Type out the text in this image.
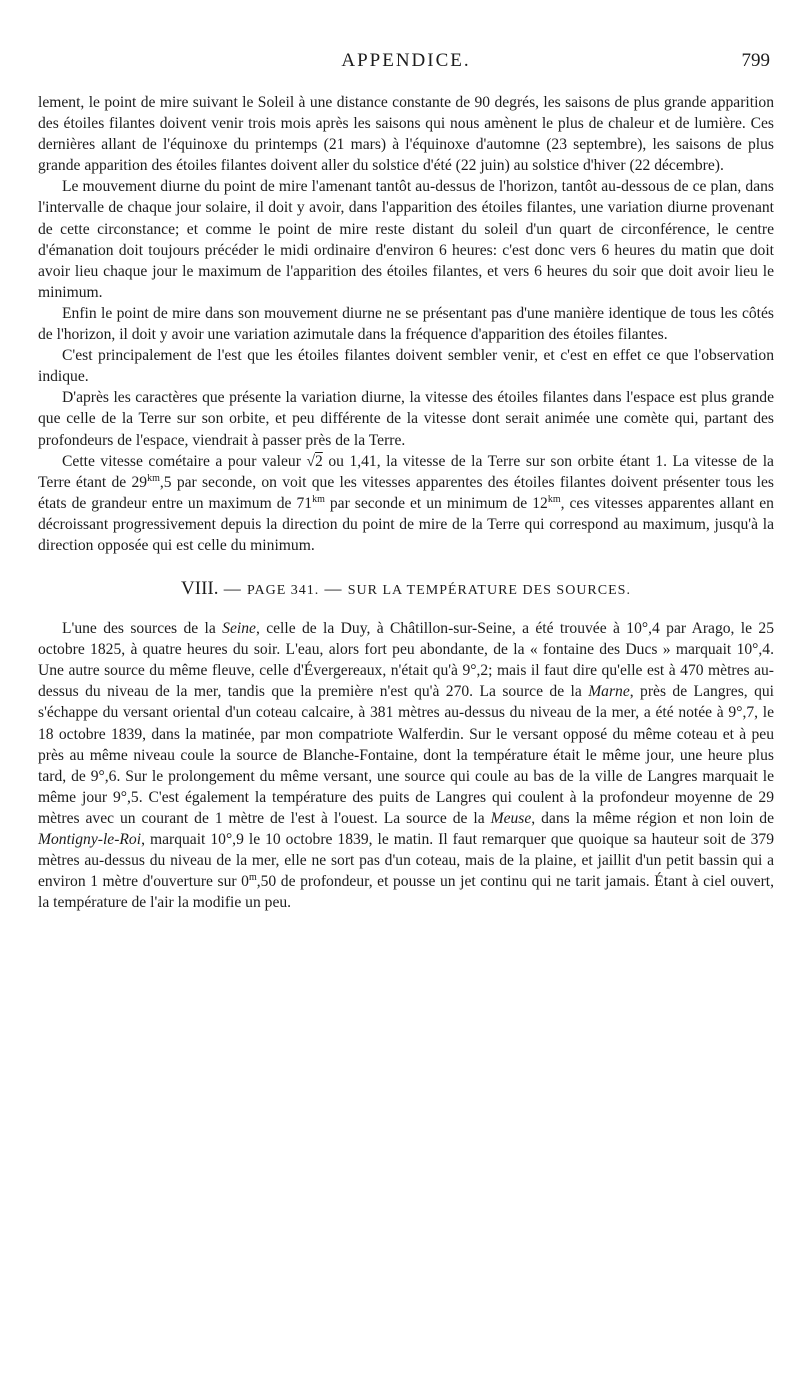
APPENDICE.	799

lement, le point de mire suivant le Soleil à une distance constante de 90 degrés, les saisons de plus grande apparition des étoiles filantes doivent venir trois mois après les saisons qui nous amènent le plus de chaleur et de lumière. Ces dernières allant de l'équinoxe du printemps (21 mars) à l'équinoxe d'automne (23 septembre), les saisons de plus grande apparition des étoiles filantes doivent aller du solstice d'été (22 juin) au solstice d'hiver (22 décembre).

Le mouvement diurne du point de mire l'amenant tantôt au-dessus de l'horizon, tantôt au-dessous de ce plan, dans l'intervalle de chaque jour solaire, il doit y avoir, dans l'apparition des étoiles filantes, une variation diurne provenant de cette circonstance; et comme le point de mire reste distant du soleil d'un quart de circonférence, le centre d'émanation doit toujours précéder le midi ordinaire d'environ 6 heures: c'est donc vers 6 heures du matin que doit avoir lieu chaque jour le maximum de l'apparition des étoiles filantes, et vers 6 heures du soir que doit avoir lieu le minimum.

Enfin le point de mire dans son mouvement diurne ne se présentant pas d'une manière identique de tous les côtés de l'horizon, il doit y avoir une variation azimutale dans la fréquence d'apparition des étoiles filantes.

C'est principalement de l'est que les étoiles filantes doivent sembler venir, et c'est en effet ce que l'observation indique.

D'après les caractères que présente la variation diurne, la vitesse des étoiles filantes dans l'espace est plus grande que celle de la Terre sur son orbite, et peu différente de la vitesse dont serait animée une comète qui, partant des profondeurs de l'espace, viendrait à passer près de la Terre.

Cette vitesse cométaire a pour valeur √2 ou 1,41, la vitesse de la Terre sur son orbite étant 1. La vitesse de la Terre étant de $29^{km},5$ par seconde, on voit que les vitesses apparentes des étoiles filantes doivent présenter tous les états de grandeur entre un maximum de $71^{km}$ par seconde et un minimum de $12^{km}$, ces vitesses apparentes allant en décroissant progressivement depuis la direction du point de mire de la Terre qui correspond au maximum, jusqu'à la direction opposée qui est celle du minimum.

VIII. — PAGE 341. — SUR LA TEMPÉRATURE DES SOURCES.

L'une des sources de la Seine, celle de la Duy, à Châtillon-sur-Seine, a été trouvée à 10°,4 par Arago, le 25 octobre 1825, à quatre heures du soir. L'eau, alors fort peu abondante, de la « fontaine des Ducs » marquait 10°,4. Une autre source du même fleuve, celle d'Évergereaux, n'était qu'à 9°,2; mais il faut dire qu'elle est à 470 mètres au-dessus du niveau de la mer, tandis que la première n'est qu'à 270. La source de la Marne, près de Langres, qui s'échappe du versant oriental d'un coteau calcaire, à 381 mètres au-dessus du niveau de la mer, a été notée à 9°,7, le 18 octobre 1839, dans la matinée, par mon compatriote Walferdin. Sur le versant opposé du même coteau et à peu près au même niveau coule la source de Blanche-Fontaine, dont la température était le même jour, une heure plus tard, de 9°,6. Sur le prolongement du même versant, une source qui coule au bas de la ville de Langres marquait le même jour 9°,5. C'est également la température des puits de Langres qui coulent à la profondeur moyenne de 29 mètres avec un courant de 1 mètre de l'est à l'ouest. La source de la Meuse, dans la même région et non loin de Montigny-le-Roi, marquait 10°,9 le 10 octobre 1839, le matin. Il faut remarquer que quoique sa hauteur soit de 379 mètres au-dessus du niveau de la mer, elle ne sort pas d'un coteau, mais de la plaine, et jaillit d'un petit bassin qui a environ 1 mètre d'ouverture sur 0$^m$,50 de profondeur, et pousse un jet continu qui ne tarit jamais. Étant à ciel ouvert, la température de l'air la modifie un peu.
